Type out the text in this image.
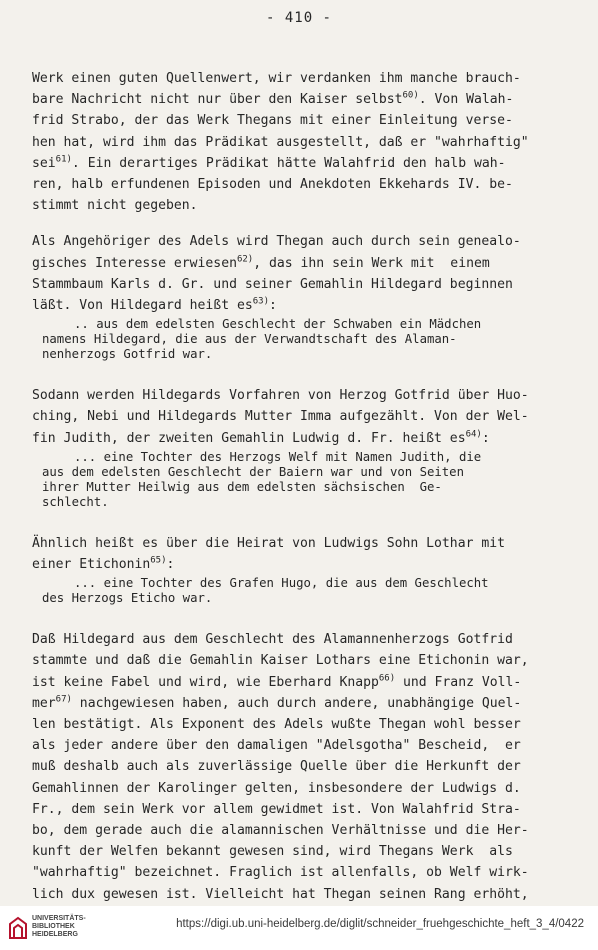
- 410 -
Werk einen guten Quellenwert, wir verdanken ihm manche brauch-
bare Nachricht nicht nur über den Kaiser selbst$^{60)}$. Von Walah-
frid Strabo, der das Werk Thegans mit einer Einleitung verse-
hen hat, wird ihm das Prädikat ausgestellt, daß er "wahrhaftig"
sei$^{61)}$. Ein derartiges Prädikat hätte Walahfrid den halb wah-
ren, halb erfundenen Episoden und Anekdoten Ekkehards IV. be-
stimmt nicht gegeben.
Als Angehöriger des Adels wird Thegan auch durch sein genealo-
gisches Interesse erwiesen$^{62)}$, das ihn sein Werk mit  einem
Stammbaum Karls d. Gr. und seiner Gemahlin Hildegard beginnen
läßt. Von Hildegard heißt $es^{63)}$:
.. aus dem edelsten Geschlecht der Schwaben ein Mädchen
namens Hildegard, die aus der Verwandtschaft des Alaman-
nenherzogs Gotfrid war.
Sodann werden Hildegards Vorfahren von Herzog Gotfrid über Huo-
ching, Nebi und Hildegards Mutter Imma aufgezählt. Von der Wel-
fin Judith, der zweiten Gemahlin Ludwig d. Fr. heißt $es^{64)}$:
... eine Tochter des Herzogs Welf mit Namen Judith, die
aus dem edelsten Geschlecht der Baiern war und von Seiten
ihrer Mutter Heilwig aus dem edelsten sächsischen  Ge-
schlecht.
Ähnlich heißt es über die Heirat von Ludwigs Sohn Lothar mit
einer Etichonin$^{65)}$:
... eine Tochter des Grafen Hugo, die aus dem Geschlecht
des Herzogs Eticho war.
Daß Hildegard aus dem Geschlecht des Alamannenherzogs Gotfrid
stammte und daß die Gemahlin Kaiser Lothars eine Etichonin war,
ist keine Fabel und wird, wie Eberhard Knapp$^{66)}$ und Franz Voll-
mer$^{67)}$ nachgewiesen haben, auch durch andere, unabhängige Quel-
len bestätigt. Als Exponent des Adels wußte Thegan wohl besser
als jeder andere über den damaligen "Adelsgotha" Bescheid,  er
muß deshalb auch als zuverlässige Quelle über die Herkunft der
Gemahlinnen der Karolinger gelten, insbesondere der Ludwigs d.
Fr., dem sein Werk vor allem gewidmet ist. Von Walahfrid Stra-
bo, dem gerade auch die alamannischen Verhältnisse und die Her-
kunft der Welfen bekannt gewesen sind, wird Thegans Werk  als
"wahrhaftig" bezeichnet. Fraglich ist allenfalls, ob Welf wirk-
lich dux gewesen ist. Vielleicht hat Thegan seinen Rang erhöht,
UNIVERSITÄTS-
BIBLIOTHEK
HEIDELBERG
https://digi.ub.uni-heidelberg.de/diglit/schneider_fruehgeschichte_heft_3_4/0422
